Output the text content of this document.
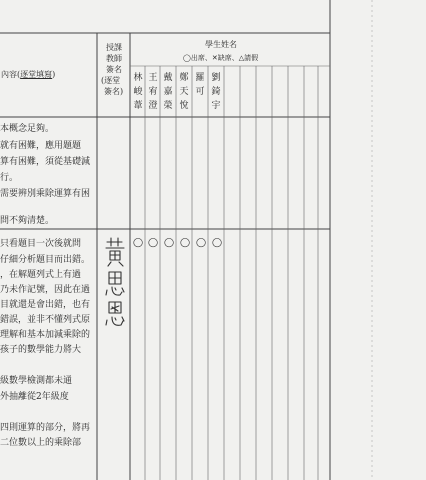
內容(逐堂填寫)
授課
教師
簽名
(逐堂
簽名)
學生姓名
◯出席、✕缺席、△請假
林
峻
葦
王
宥
澄
戴
嘉
榮
鄭
天
悅
羅
可
劉
錡
宇
本概念足夠。
就有困難，應用題題
算有困難，須從基礎減
行。
需要辨別乘除運算有困
問不夠清楚。
只看題目一次後就問
仔細分析題目而出錯。
，在解題列式上有過
乃未作記號，因此在過
目就還是會出錯，也有
錯誤，並非不懂列式原
理解和基本加減乘除的
孩子的數學能力將大
級數學檢測都未通
外抽離從2年級度
四則運算的部分，將再
二位數以上的乘除部
◯ ◯ ◯ ◯ ◯ ◯
